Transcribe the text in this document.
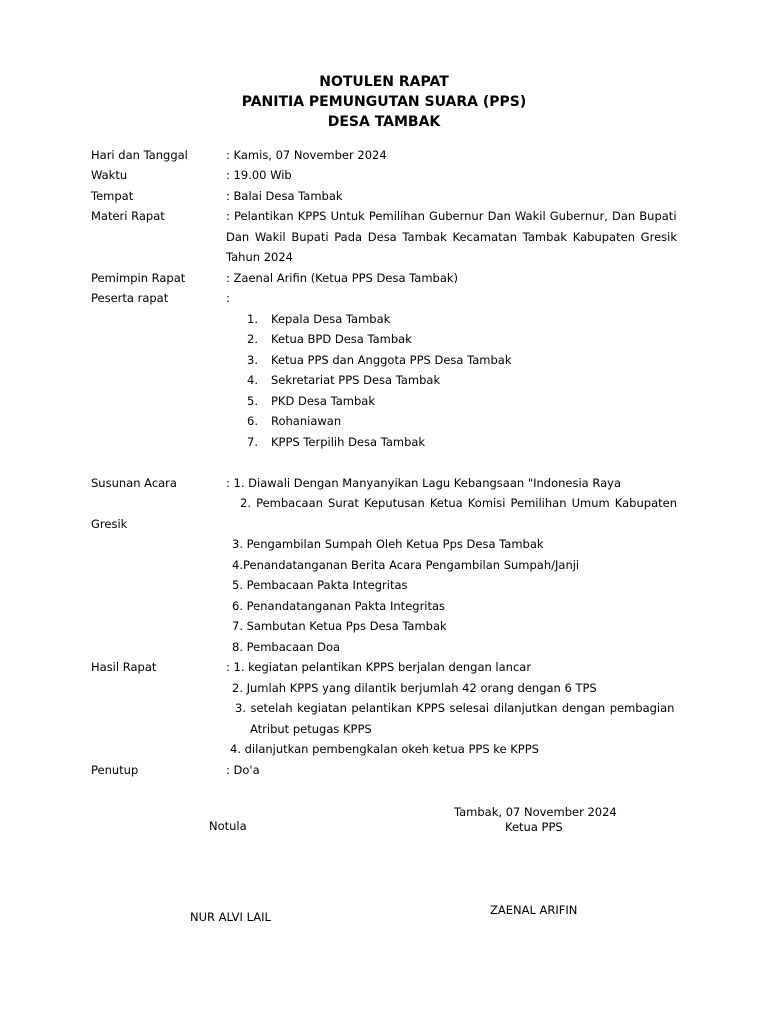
NOTULEN RAPAT
PANITIA PEMUNGUTAN SUARA (PPS)
DESA TAMBAK
Hari dan Tanggal	: Kamis, 07 November 2024
Waktu	: 19.00 Wib
Tempat	: Balai Desa Tambak
Materi Rapat	: Pelantikan KPPS Untuk Pemilihan Gubernur Dan Wakil Gubernur, Dan Bupati
Dan Wakil Bupati Pada Desa Tambak Kecamatan Tambak Kabupaten Gresik
Tahun 2024
Pemimpin Rapat	: Zaenal Arifin (Ketua PPS Desa Tambak)
Peserta rapat	:
1. Kepala Desa Tambak
2. Ketua BPD Desa Tambak
3. Ketua PPS dan Anggota PPS Desa Tambak
4. Sekretariat PPS Desa Tambak
5. PKD Desa Tambak
6. Rohaniawan
7. KPPS Terpilih Desa Tambak
Susunan Acara	: 1. Diawali Dengan Manyanyikan Lagu Kebangsaan "Indonesia Raya
2. Pembacaan Surat Keputusan Ketua Komisi Pemilihan Umum Kabupaten
Gresik
3. Pengambilan Sumpah Oleh Ketua Pps Desa Tambak
4.Penandatanganan Berita Acara Pengambilan Sumpah/Janji
5. Pembacaan Pakta Integritas
6. Penandatanganan Pakta Integritas
7. Sambutan Ketua Pps Desa Tambak
8. Pembacaan Doa
Hasil Rapat	: 1. kegiatan pelantikan KPPS berjalan dengan lancar
2. Jumlah KPPS yang dilantik berjumlah 42 orang dengan 6 TPS
3. setelah kegiatan pelantikan KPPS selesai dilanjutkan dengan pembagian
Atribut petugas KPPS
4. dilanjutkan pembengkalan okeh ketua PPS ke KPPS
Penutup	: Do'a
Tambak, 07 November 2024
Ketua PPS
Notula
ZAENAL ARIFIN
NUR ALVI LAIL
